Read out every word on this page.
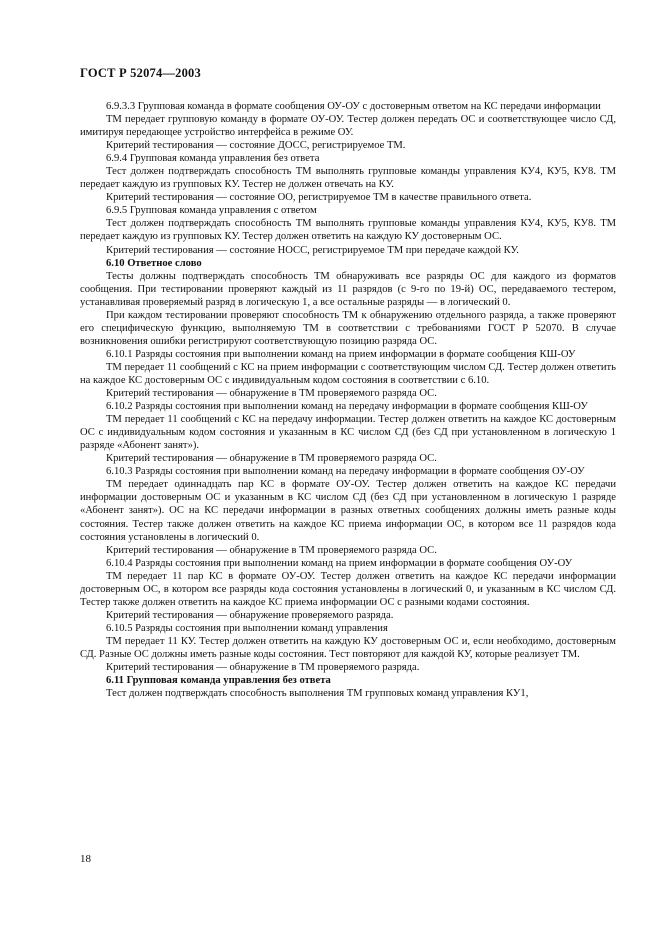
ГОСТ Р 52074—2003

6.9.3.3 Групповая команда в формате сообщения ОУ-ОУ с достоверным ответом на КС передачи информации

ТМ передает групповую команду в формате ОУ-ОУ. Тестер должен передать ОС и соответствующее число СД, имитируя передающее устройство интерфейса в режиме ОУ.

Критерий тестирования — состояние ДОСС, регистрируемое ТМ.

6.9.4 Групповая команда управления без ответа

Тест должен подтверждать способность ТМ выполнять групповые команды управления КУ4, КУ5, КУ8. ТМ передает каждую из групповых КУ. Тестер не должен отвечать на КУ.

Критерий тестирования — состояние ОО, регистрируемое ТМ в качестве правильного ответа.

6.9.5 Групповая команда управления с ответом

Тест должен подтверждать способность ТМ выполнять групповые команды управления КУ4, КУ5, КУ8. ТМ передает каждую из групповых КУ. Тестер должен ответить на каждую КУ достоверным ОС.

Критерий тестирования — состояние НОСС, регистрируемое ТМ при передаче каждой КУ.

6.10 Ответное слово

Тесты должны подтверждать способность ТМ обнаруживать все разряды ОС для каждого из форматов сообщения. При тестировании проверяют каждый из 11 разрядов (с 9-го по 19-й) ОС, передаваемого тестером, устанавливая проверяемый разряд в логическую 1, а все остальные разряды — в логический 0.

При каждом тестировании проверяют способность ТМ к обнаружению отдельного разряда, а также проверяют его специфическую функцию, выполняемую ТМ в соответствии с требованиями ГОСТ Р 52070. В случае возникновения ошибки регистрируют соответствующую позицию разряда ОС.

6.10.1 Разряды состояния при выполнении команд на прием информации в формате сообщения КШ-ОУ

ТМ передает 11 сообщений с КС на прием информации с соответствующим числом СД. Тестер должен ответить на каждое КС достоверным ОС с индивидуальным кодом состояния в соответствии с 6.10.

Критерий тестирования — обнаружение в ТМ проверяемого разряда ОС.

6.10.2 Разряды состояния при выполнении команд на передачу информации в формате сообщения КШ-ОУ

ТМ передает 11 сообщений с КС на передачу информации. Тестер должен ответить на каждое КС достоверным ОС с индивидуальным кодом состояния и указанным в КС числом СД (без СД при установленном в логическую 1 разряде «Абонент занят»).

Критерий тестирования — обнаружение в ТМ проверяемого разряда ОС.

6.10.3 Разряды состояния при выполнении команд на передачу информации в формате сообщения ОУ-ОУ

ТМ передает одиннадцать пар КС в формате ОУ-ОУ. Тестер должен ответить на каждое КС передачи информации достоверным ОС и указанным в КС числом СД (без СД при установленном в логическую 1 разряде «Абонент занят»). ОС на КС передачи информации в разных ответных сообщениях должны иметь разные коды состояния. Тестер также должен ответить на каждое КС приема информации ОС, в котором все 11 разрядов кода состояния установлены в логический 0.

Критерий тестирования — обнаружение в ТМ проверяемого разряда ОС.

6.10.4 Разряды состояния при выполнении команд на прием информации в формате сообщения ОУ-ОУ

ТМ передает 11 пар КС в формате ОУ-ОУ. Тестер должен ответить на каждое КС передачи информации достоверным ОС, в котором все разряды кода состояния установлены в логический 0, и указанным в КС числом СД. Тестер также должен ответить на каждое КС приема информации ОС с разными кодами состояния.

Критерий тестирования — обнаружение проверяемого разряда.

6.10.5 Разряды состояния при выполнении команд управления

ТМ передает 11 КУ. Тестер должен ответить на каждую КУ достоверным ОС и, если необходимо, достоверным СД. Разные ОС должны иметь разные коды состояния. Тест повторяют для каждой КУ, которые реализует ТМ.

Критерий тестирования — обнаружение в ТМ проверяемого разряда.

6.11 Групповая команда управления без ответа

Тест должен подтверждать способность выполнения ТМ групповых команд управления КУ1,

18
